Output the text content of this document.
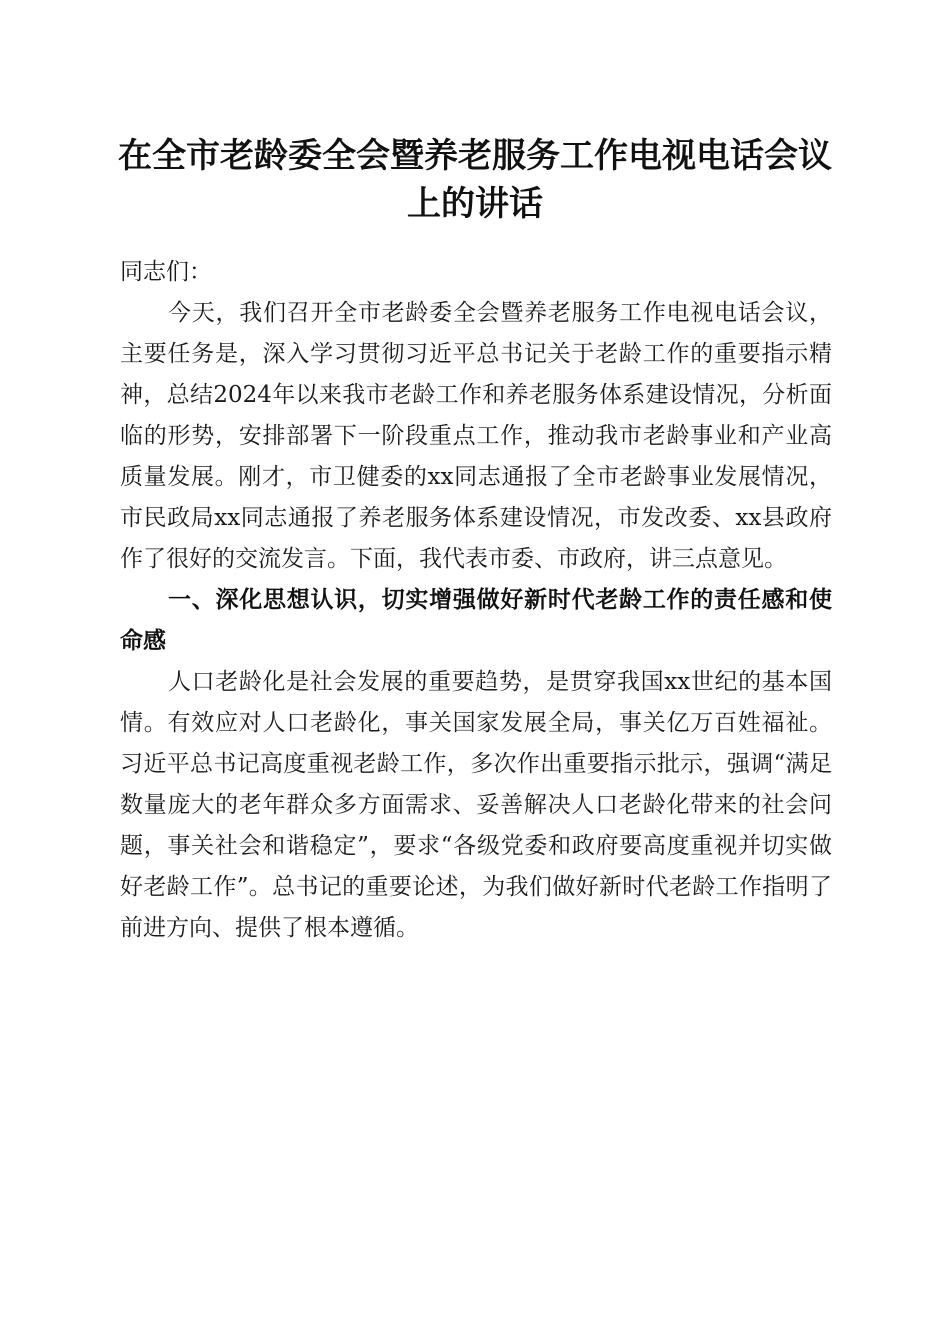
在全市老龄委全会暨养老服务工作电视电话会议上的讲话

同志们：

今天，我们召开全市老龄委全会暨养老服务工作电视电话会议，主要任务是，深入学习贯彻习近平总书记关于老龄工作的重要指示精神，总结2024年以来我市老龄工作和养老服务体系建设情况，分析面临的形势，安排部署下一阶段重点工作，推动我市老龄事业和产业高质量发展。刚才，市卫健委的xx同志通报了全市老龄事业发展情况，市民政局xx同志通报了养老服务体系建设情况，市发改委、xx县政府作了很好的交流发言。下面，我代表市委、市政府，讲三点意见。

一、深化思想认识，切实增强做好新时代老龄工作的责任感和使命感

人口老龄化是社会发展的重要趋势，是贯穿我国xx世纪的基本国情。有效应对人口老龄化，事关国家发展全局，事关亿万百姓福祉。习近平总书记高度重视老龄工作，多次作出重要指示批示，强调“满足数量庞大的老年群众多方面需求、妥善解决人口老龄化带来的社会问题，事关社会和谐稳定”，要求“各级党委和政府要高度重视并切实做好老龄工作”。总书记的重要论述，为我们做好新时代老龄工作指明了前进方向、提供了根本遵循。
